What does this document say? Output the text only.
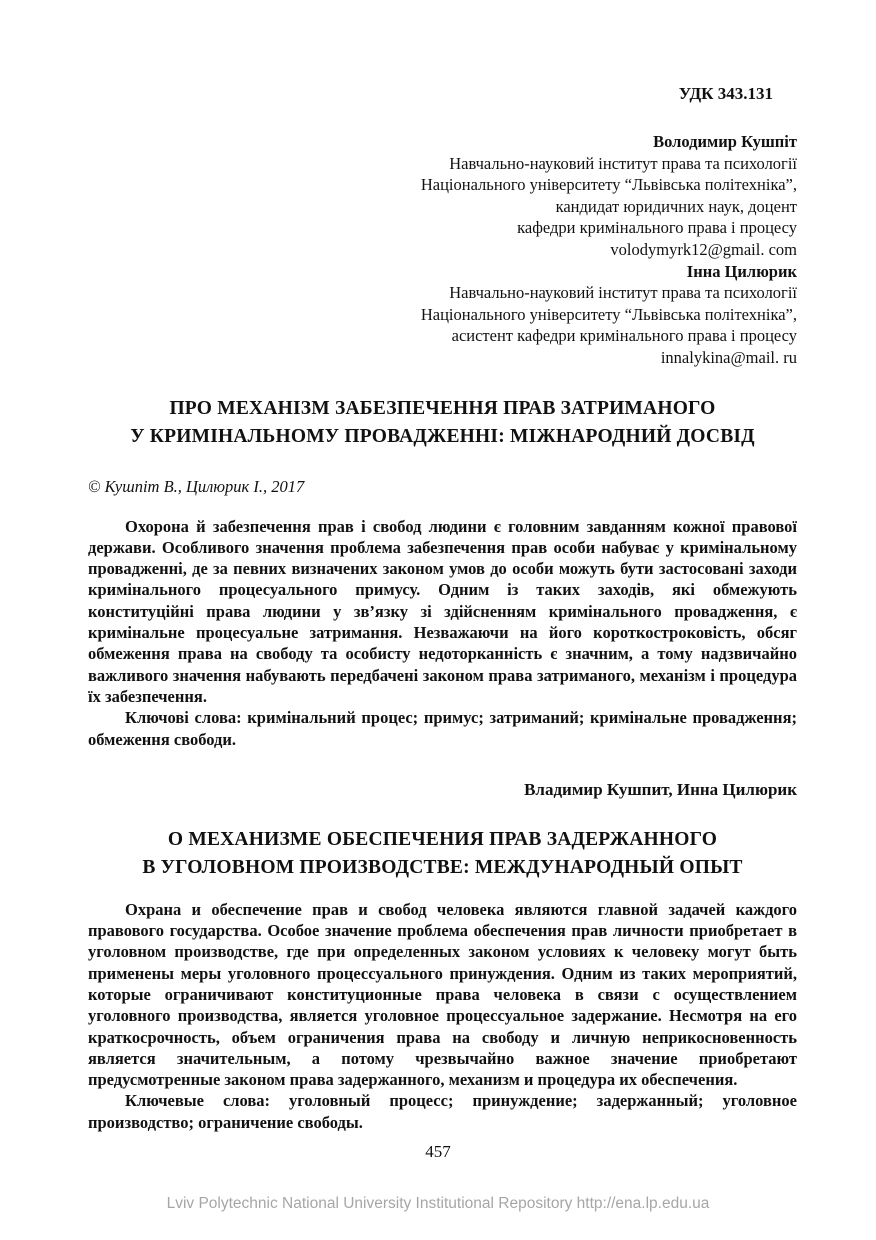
УДК 343.131
Володимир Кушпіт
Навчально-науковий інститут права та психології
Національного університету “Львівська політехніка”,
кандидат юридичних наук, доцент
кафедри кримінального права і процесу
volodymyrk12@gmail. com
Інна Цилюрик
Навчально-науковий інститут права та психології
Національного університету “Львівська політехніка”,
асистент кафедри кримінального права і процесу
innalykina@mail. ru
ПРО МЕХАНІЗМ ЗАБЕЗПЕЧЕННЯ ПРАВ ЗАТРИМАНОГО
У КРИМІНАЛЬНОМУ ПРОВАДЖЕННІ: МІЖНАРОДНИЙ ДОСВІД
© Кушпіт В., Цилюрик І., 2017

Охорона й забезпечення прав і свобод людини є головним завданням кожної правової держави. Особливого значення проблема забезпечення прав особи набуває у кримінальному провадженні, де за певних визначених законом умов до особи можуть бути застосовані заходи кримінального процесуального примусу. Одним із таких заходів, які обмежують конституційні права людини у зв’язку зі здійсненням кримінального провадження, є кримінальне процесуальне затримання. Незважаючи на його короткостроковість, обсяг обмеження права на свободу та особисту недоторканність є значним, а тому надзвичайно важливого значення набувають передбачені законом права затриманого, механізм і процедура їх забезпечення.

Ключові слова: кримінальний процес; примус; затриманий; кримінальне провадження; обмеження свободи.

Владимир Кушпит, Инна Цилюрик
О МЕХАНИЗМЕ ОБЕСПЕЧЕНИЯ ПРАВ ЗАДЕРЖАННОГО
В УГОЛОВНОМ ПРОИЗВОДСТВЕ: МЕЖДУНАРОДНЫЙ ОПЫТ

Охрана и обеспечение прав и свобод человека являются главной задачей каждого правового государства. Особое значение проблема обеспечения прав личности приобретает в уголовном производстве, где при определенных законом условиях к человеку могут быть применены меры уголовного процессуального принуждения. Одним из таких мероприятий, которые ограничивают конституционные права человека в связи с осуществлением уголовного производства, является уголовное процессуальное задержание. Несмотря на его краткосрочность, объем ограничения права на свободу и личную неприкосновенность является значительным, а потому чрезвычайно важное значение приобретают предусмотренные законом права задержанного, механизм и процедура их обеспечения.

Ключевые слова: уголовный процесс; принуждение; задержанный; уголовное производство; ограничение свободы.

457
Lviv Polytechnic National University Institutional Repository http://ena.lp.edu.ua
